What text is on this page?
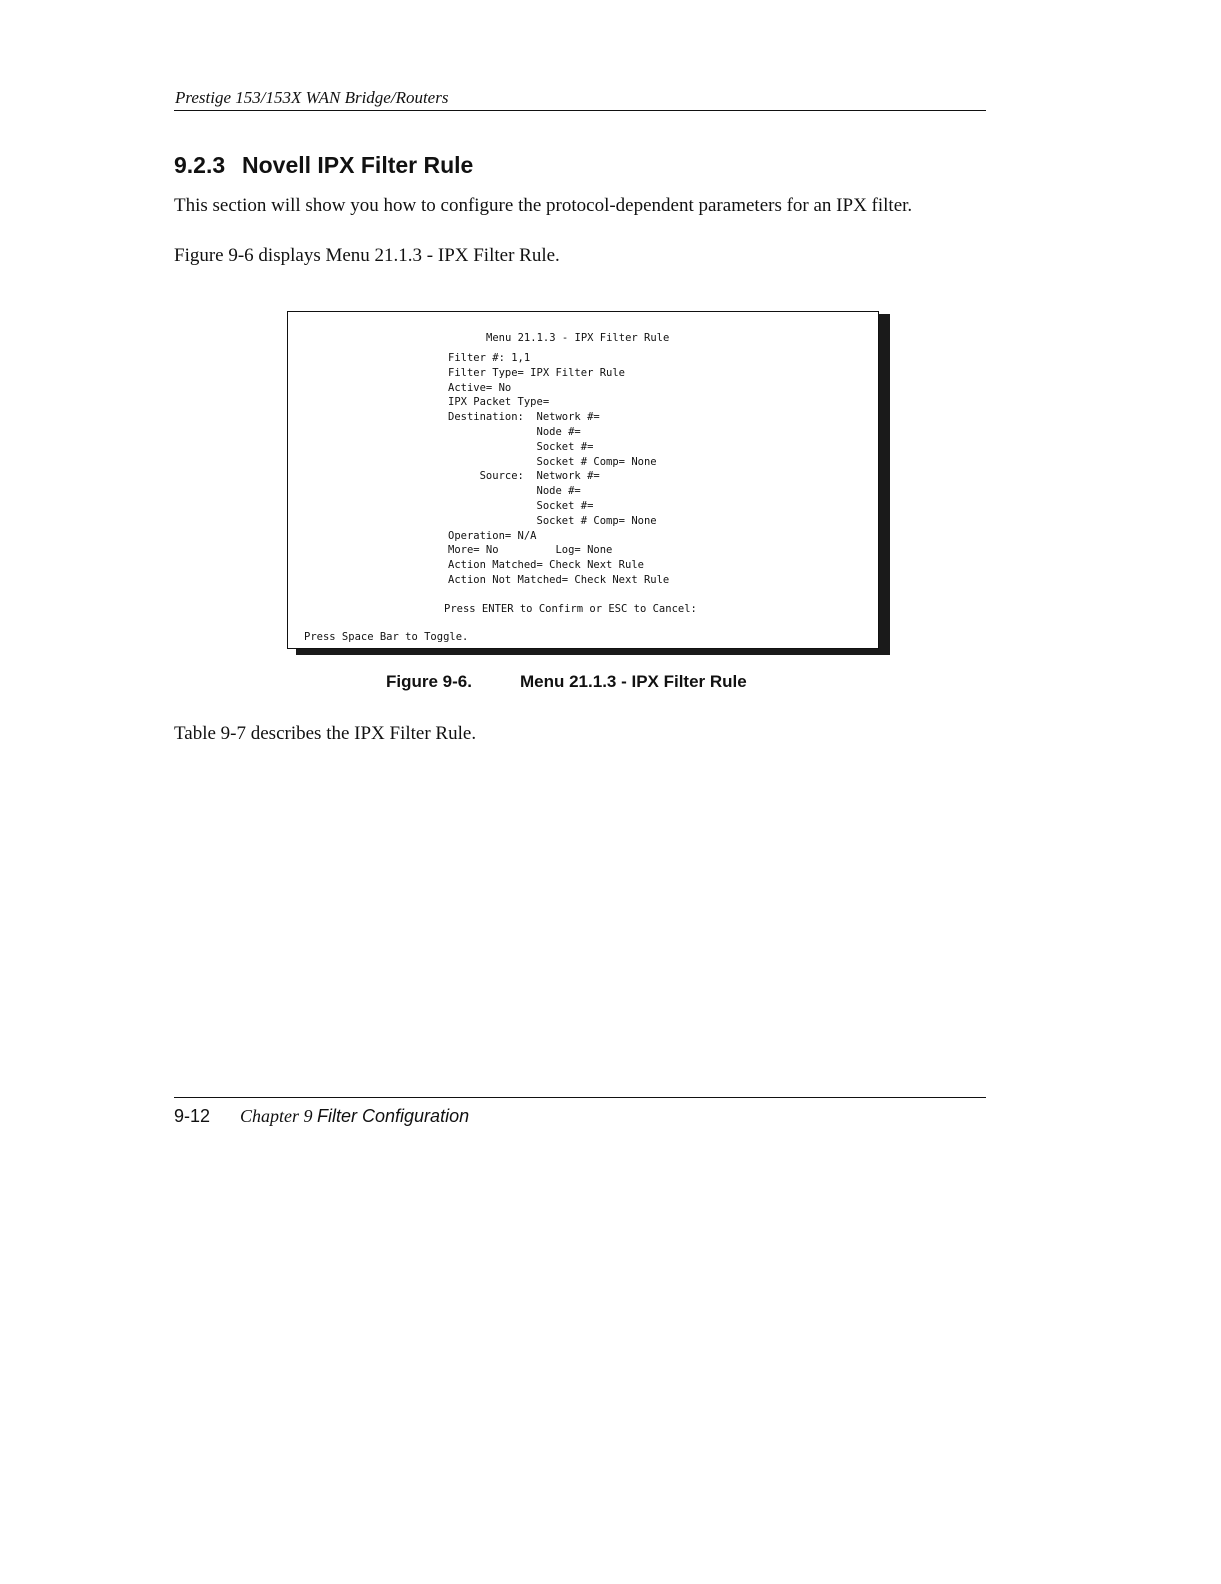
Prestige 153/153X WAN Bridge/Routers
9.2.3 Novell IPX Filter Rule
This section will show you how to configure the protocol-dependent parameters for an IPX filter.
Figure 9-6 displays Menu 21.1.3 - IPX Filter Rule.
Menu 21.1.3 - IPX Filter Rule
Filter #: 1,1
Filter Type= IPX Filter Rule
Active= No
IPX Packet Type=
Destination:  Network #=
Node #=
Socket #=
Socket # Comp= None
Source:  Network #=
Node #=
Socket #=
Socket # Comp= None
Operation= N/A
More= No         Log= None
Action Matched= Check Next Rule
Action Not Matched= Check Next Rule
Press ENTER to Confirm or ESC to Cancel:
Press Space Bar to Toggle.
Figure 9-6.	Menu 21.1.3 - IPX Filter Rule
Table 9-7 describes the IPX Filter Rule.
9-12 Chapter 9 Filter Configuration
